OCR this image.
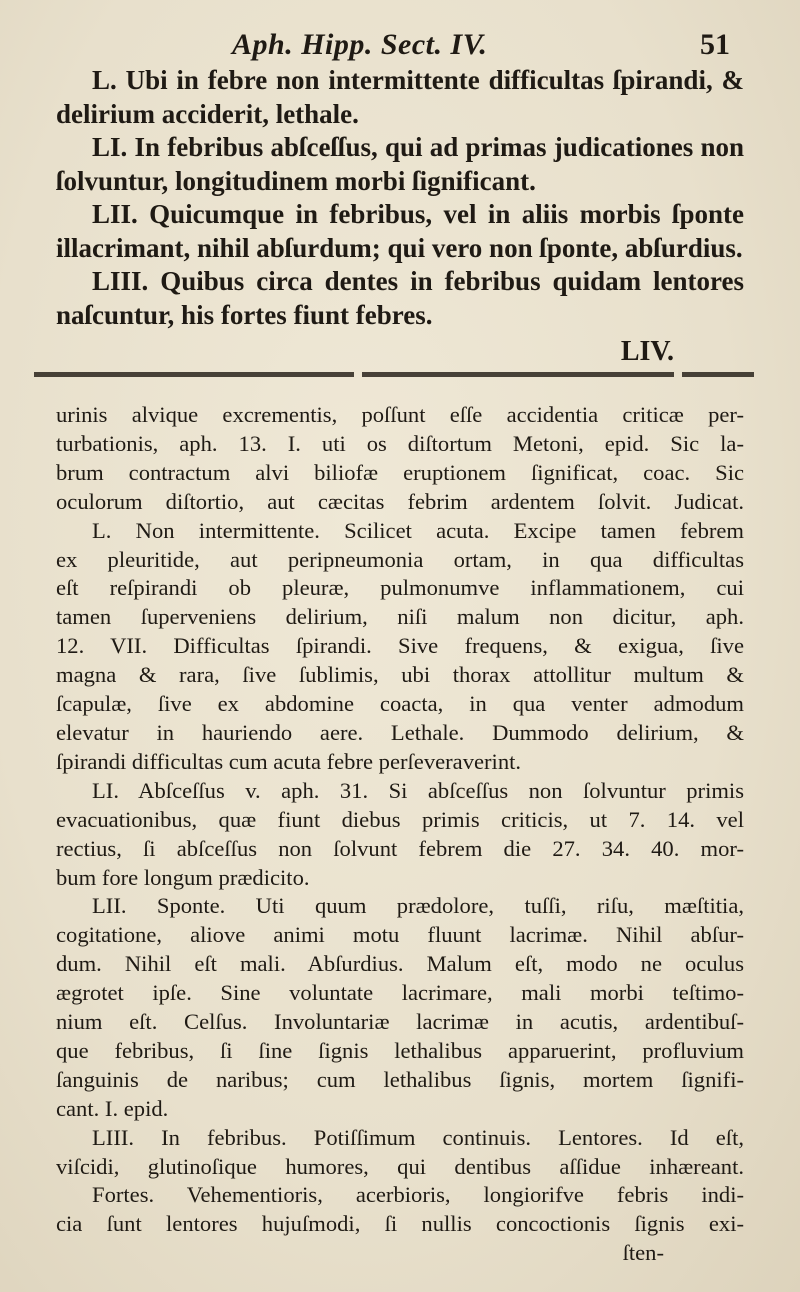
Aph. Hipp. Sect. IV.	51

L. Ubi in febre non intermittente difficultas ſpirandi, & delirium acciderit, lethale.

LI. In febribus abſceſſus, qui ad primas judicationes non ſolvuntur, longitudinem morbi ſignificant.

LII. Quicumque in febribus, vel in aliis morbis ſponte illacrimant, nihil abſurdum; qui vero non ſponte, abſurdius.

LIII. Quibus circa dentes in febribus quidam lentores naſcuntur, his fortes fiunt febres.

LIV.
urinis alvique excrementis, poſſunt eſſe accidentia criticæ per-
turbationis, aph. 13. I. uti os diſtortum Metoni, epid. Sic la-
brum contractum alvi biliofæ eruptionem ſignificat, coac. Sic
oculorum diſtortio, aut cæcitas febrim ardentem ſolvit. Judicat.
L. Non intermittente. Scilicet acuta. Excipe tamen febrem
ex pleuritide, aut peripneumonia ortam, in qua difficultas
eſt reſpirandi ob pleuræ, pulmonumve inflammationem, cui
tamen ſuperveniens delirium, niſi malum non dicitur, aph.
12. VII. Difficultas ſpirandi. Sive frequens, & exigua, ſive
magna & rara, ſive ſublimis, ubi thorax attollitur multum &
ſcapulæ, ſive ex abdomine coacta, in qua venter admodum
elevatur in hauriendo aere. Lethale. Dummodo delirium, &
ſpirandi difficultas cum acuta febre perſeveraverint.
LI. Abſceſſus v. aph. 31. Si abſceſſus non ſolvuntur primis
evacuationibus, quæ fiunt diebus primis criticis, ut 7. 14. vel
rectius, ſi abſceſſus non ſolvunt febrem die 27. 34. 40. mor-
bum fore longum prædicito.
LII. Sponte. Uti quum prædolore, tuſſi, riſu, mæſtitia,
cogitatione, aliove animi motu fluunt lacrimæ. Nihil abſur-
dum. Nihil eſt mali. Abſurdius. Malum eſt, modo ne oculus
ægrotet ipſe. Sine voluntate lacrimare, mali morbi teſtimo-
nium eſt. Celſus. Involuntariæ lacrimæ in acutis, ardentibuſ-
que febribus, ſi ſine ſignis lethalibus apparuerint, profluvium
ſanguinis de naribus; cum lethalibus ſignis, mortem ſignifi-
cant. I. epid.
LIII. In febribus. Potiſſimum continuis. Lentores. Id eſt,
viſcidi, glutinoſique humores, qui dentibus aſſidue inhæreant.
Fortes. Vehementioris, acerbioris, longiorifve febris indi-
cia ſunt lentores hujuſmodi, ſi nullis concoctionis ſignis exi-
ſten-
